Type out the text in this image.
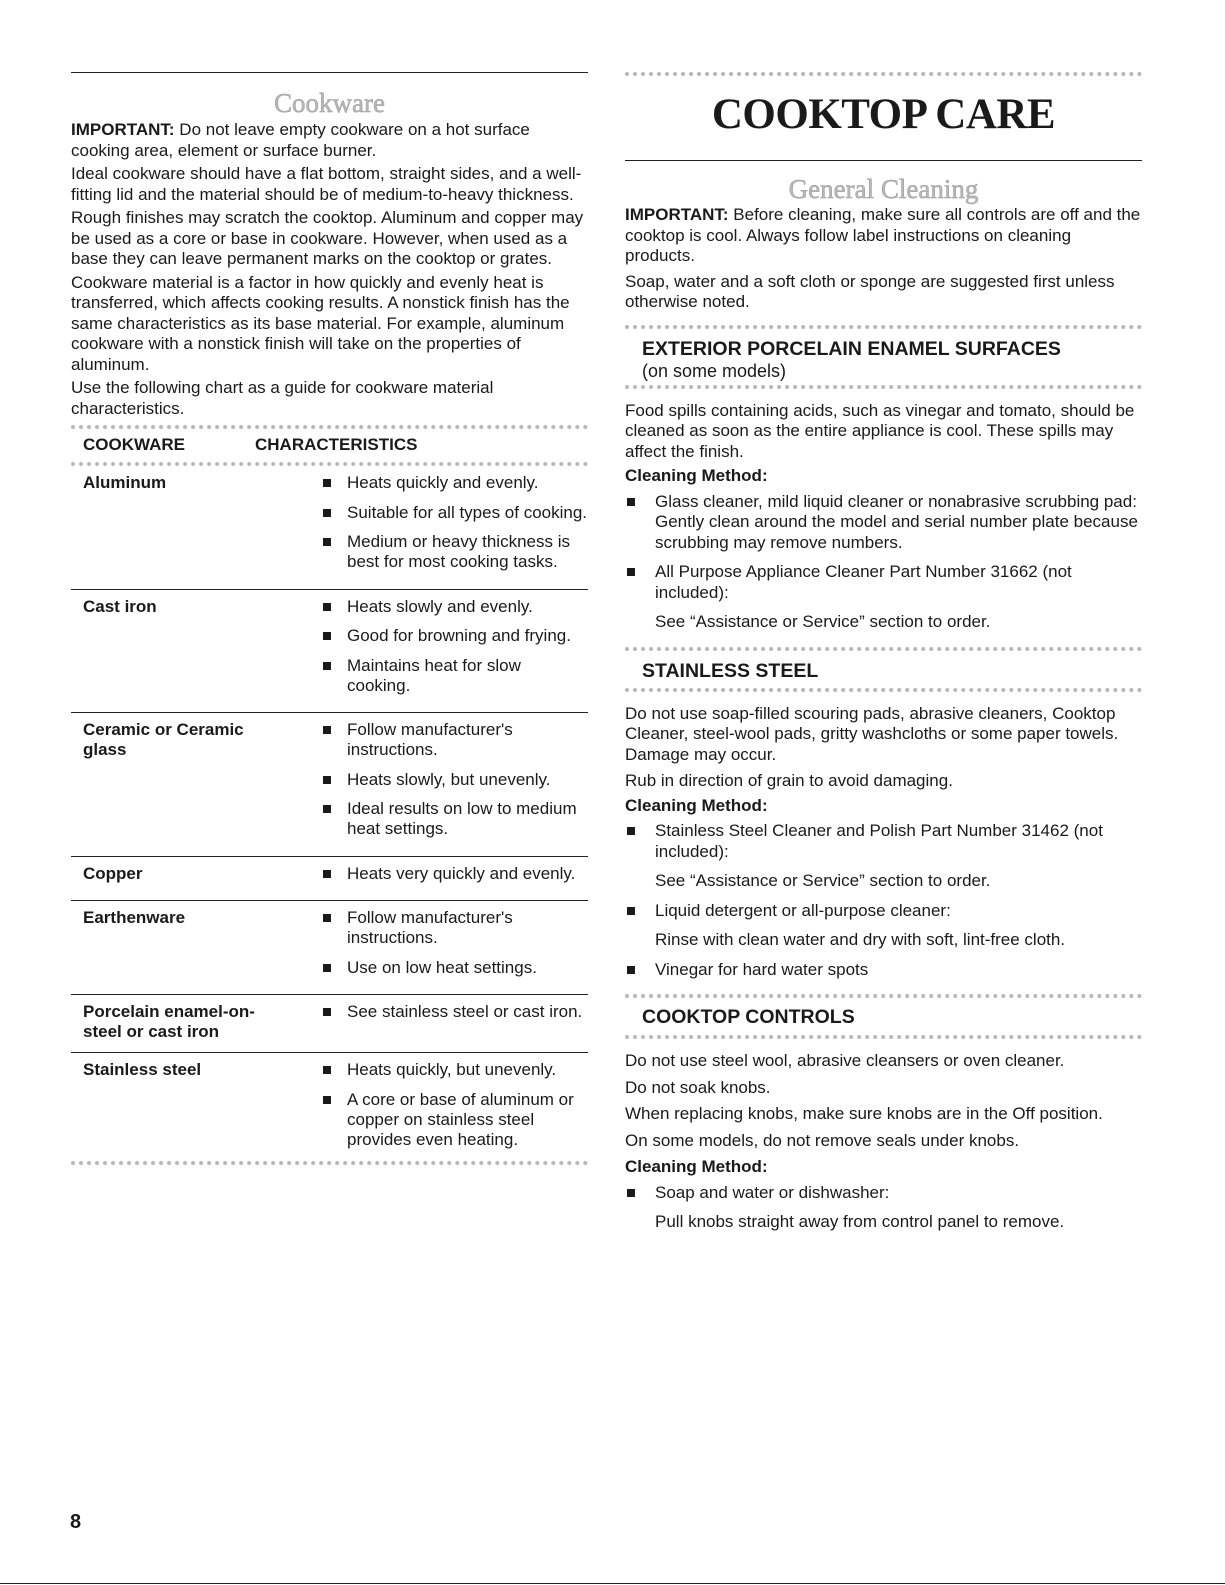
Cookware

IMPORTANT: Do not leave empty cookware on a hot surface cooking area, element or surface burner.

Ideal cookware should have a flat bottom, straight sides, and a well-fitting lid and the material should be of medium-to-heavy thickness.

Rough finishes may scratch the cooktop. Aluminum and copper may be used as a core or base in cookware. However, when used as a base they can leave permanent marks on the cooktop or grates.

Cookware material is a factor in how quickly and evenly heat is transferred, which affects cooking results. A nonstick finish has the same characteristics as its base material. For example, aluminum cookware with a nonstick finish will take on the properties of aluminum.

Use the following chart as a guide for cookware material characteristics.

COOKWARE	CHARACTERISTICS
Aluminum	Heats quickly and evenly.
Suitable for all types of cooking.
Medium or heavy thickness is best for most cooking tasks.

Cast iron	Heats slowly and evenly.
Good for browning and frying.
Maintains heat for slow cooking.

Ceramic or Ceramic glass	Follow manufacturer's instructions.
Heats slowly, but unevenly.
Ideal results on low to medium heat settings.

Copper	Heats very quickly and evenly.

Earthenware	Follow manufacturer's instructions.
Use on low heat settings.

Porcelain enamel-on-steel or cast iron	See stainless steel or cast iron.

Stainless steel	Heats quickly, but unevenly.
A core or base of aluminum or copper on stainless steel provides even heating.
COOKTOP CARE
General Cleaning

IMPORTANT: Before cleaning, make sure all controls are off and the cooktop is cool. Always follow label instructions on cleaning products.

Soap, water and a soft cloth or sponge are suggested first unless otherwise noted.

EXTERIOR PORCELAIN ENAMEL SURFACES
(on some models)

Food spills containing acids, such as vinegar and tomato, should be cleaned as soon as the entire appliance is cool. These spills may affect the finish.

Cleaning Method:

Glass cleaner, mild liquid cleaner or nonabrasive scrubbing pad: Gently clean around the model and serial number plate because scrubbing may remove numbers.
All Purpose Appliance Cleaner Part Number 31662 (not included):
See “Assistance or Service” section to order.
STAINLESS STEEL

Do not use soap-filled scouring pads, abrasive cleaners, Cooktop Cleaner, steel-wool pads, gritty washcloths or some paper towels. Damage may occur.

Rub in direction of grain to avoid damaging.

Cleaning Method:

Stainless Steel Cleaner and Polish Part Number 31462 (not included):
See “Assistance or Service” section to order.
Liquid detergent or all-purpose cleaner:
Rinse with clean water and dry with soft, lint-free cloth.
Vinegar for hard water spots
COOKTOP CONTROLS

Do not use steel wool, abrasive cleansers or oven cleaner.

Do not soak knobs.

When replacing knobs, make sure knobs are in the Off position.

On some models, do not remove seals under knobs.

Cleaning Method:

Soap and water or dishwasher:
Pull knobs straight away from control panel to remove.
8
